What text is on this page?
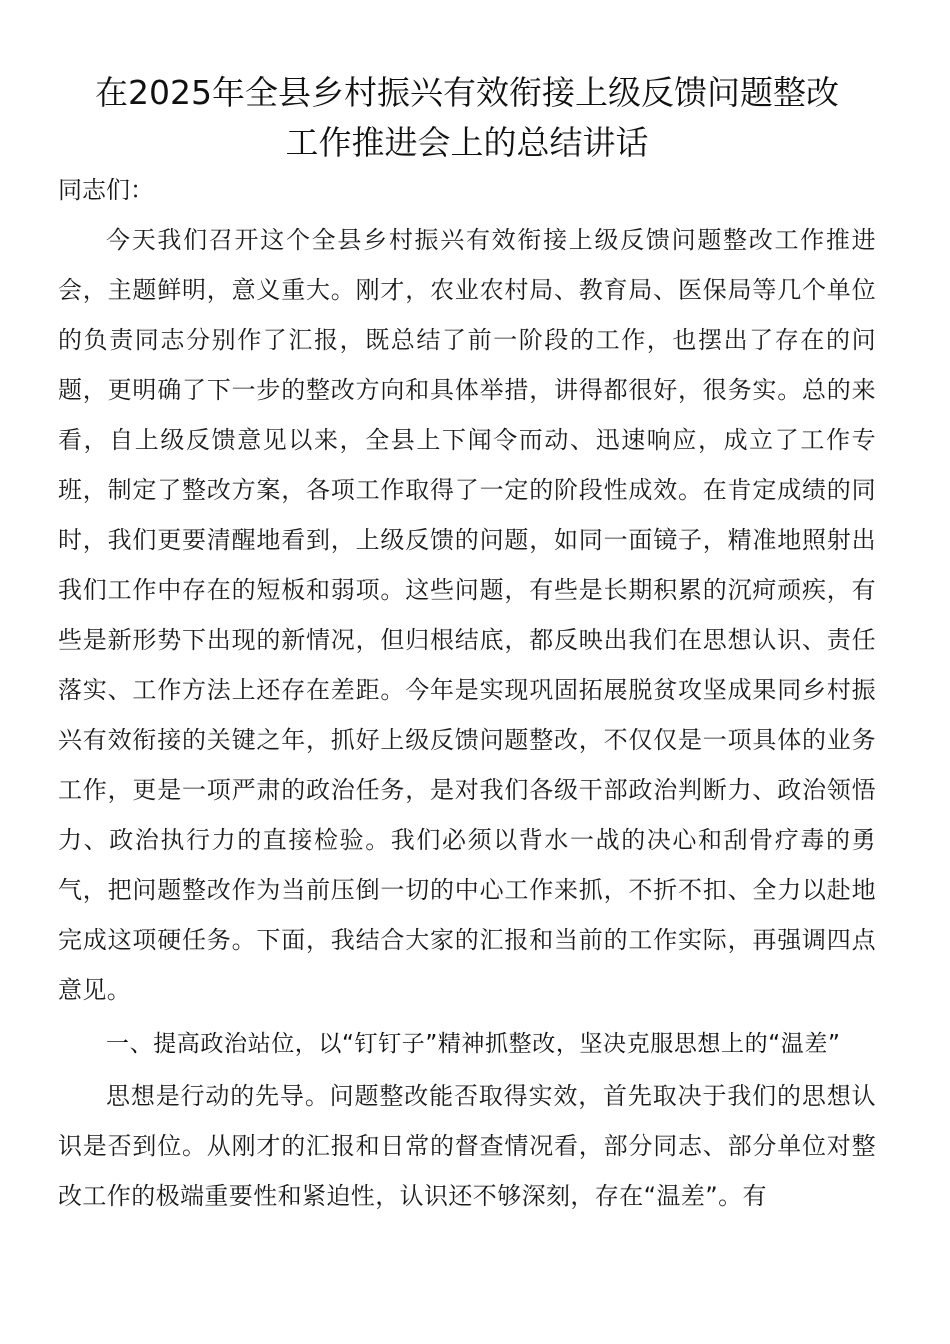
在2025年全县乡村振兴有效衔接上级反馈问题整改
工作推进会上的总结讲话

同志们：

今天我们召开这个全县乡村振兴有效衔接上级反馈问题整改工作推进会，主题鲜明，意义重大。刚才，农业农村局、教育局、医保局等几个单位的负责同志分别作了汇报，既总结了前一阶段的工作，也摆出了存在的问题，更明确了下一步的整改方向和具体举措，讲得都很好，很务实。总的来看，自上级反馈意见以来，全县上下闻令而动、迅速响应，成立了工作专班，制定了整改方案，各项工作取得了一定的阶段性成效。在肯定成绩的同时，我们更要清醒地看到，上级反馈的问题，如同一面镜子，精准地照射出我们工作中存在的短板和弱项。这些问题，有些是长期积累的沉疴顽疾，有些是新形势下出现的新情况，但归根结底，都反映出我们在思想认识、责任落实、工作方法上还存在差距。今年是实现巩固拓展脱贫攻坚成果同乡村振兴有效衔接的关键之年，抓好上级反馈问题整改，不仅仅是一项具体的业务工作，更是一项严肃的政治任务，是对我们各级干部政治判断力、政治领悟力、政治执行力的直接检验。我们必须以背水一战的决心和刮骨疗毒的勇气，把问题整改作为当前压倒一切的中心工作来抓，不折不扣、全力以赴地完成这项硬任务。下面，我结合大家的汇报和当前的工作实际，再强调四点意见。

一、提高政治站位，以“钉钉子”精神抓整改，坚决克服思想上的“温差”

思想是行动的先导。问题整改能否取得实效，首先取决于我们的思想认识是否到位。从刚才的汇报和日常的督查情况看，部分同志、部分单位对整改工作的极端重要性和紧迫性，认识还不够深刻，存在“温差”。有
